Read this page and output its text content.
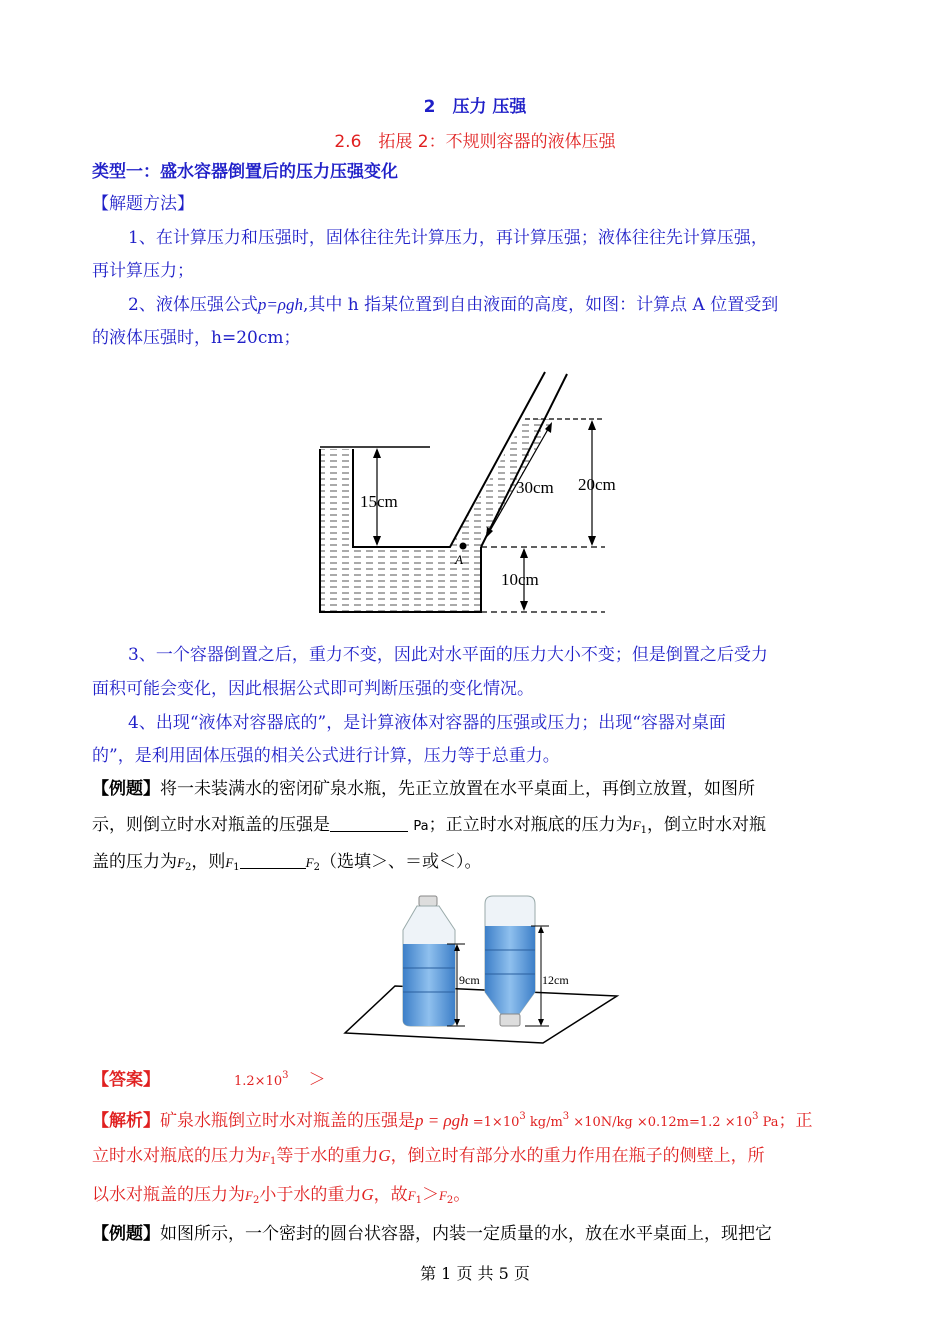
2　压力 压强
2.6　拓展 2：不规则容器的液体压强
类型一：盛水容器倒置后的压力压强变化
【解题方法】
1、在计算压力和压强时，固体往往先计算压力，再计算压强；液体往往先计算压强，
再计算压力；
2、液体压强公式p=ρgh,其中 h 指某位置到自由液面的高度，如图：计算点 A 位置受到
的液体压强时，h=20cm；
15cm
A
30cm 20cm
10cm
3、一个容器倒置之后，重力不变，因此对水平面的压力大小不变；但是倒置之后受力
面积可能会变化，因此根据公式即可判断压强的变化情况。
4、出现“液体对容器底的”，是计算液体对容器的压强或压力；出现“容器对桌面
的”，是利用固体压强的相关公式进行计算，压力等于总重力。
【例题】将一未装满水的密闭矿泉水瓶，先正立放置在水平桌面上，再倒立放置，如图所
示，则倒立时水对瓶盖的压强是	Pa；正立时水对瓶底的压力为$F_1$，倒立时水对瓶
盖的压力为$F_2$，则$F_1$	$F_2$（选填＞、＝或＜）。
9cm	12cm
【答案】	$1.2\times 10^3$ ＞
【解析】矿泉水瓶倒立时水对瓶盖的压强是$p = \rho gh =1\times 10^3$ $kg/m^3 \times 10N/kg \times 0.12m=1.2 \times 10^3$ Pa；正
立时水对瓶底的压力为$F_1$等于水的重力G，倒立时有部分水的重力作用在瓶子的侧壁上，所
以水对瓶盖的压力为$F_2$小于水的重力G，故$F_1>F_2$。
【例题】如图所示，一个密封的圆台状容器，内装一定质量的水，放在水平桌面上，现把它
第 1 页 共 5 页
